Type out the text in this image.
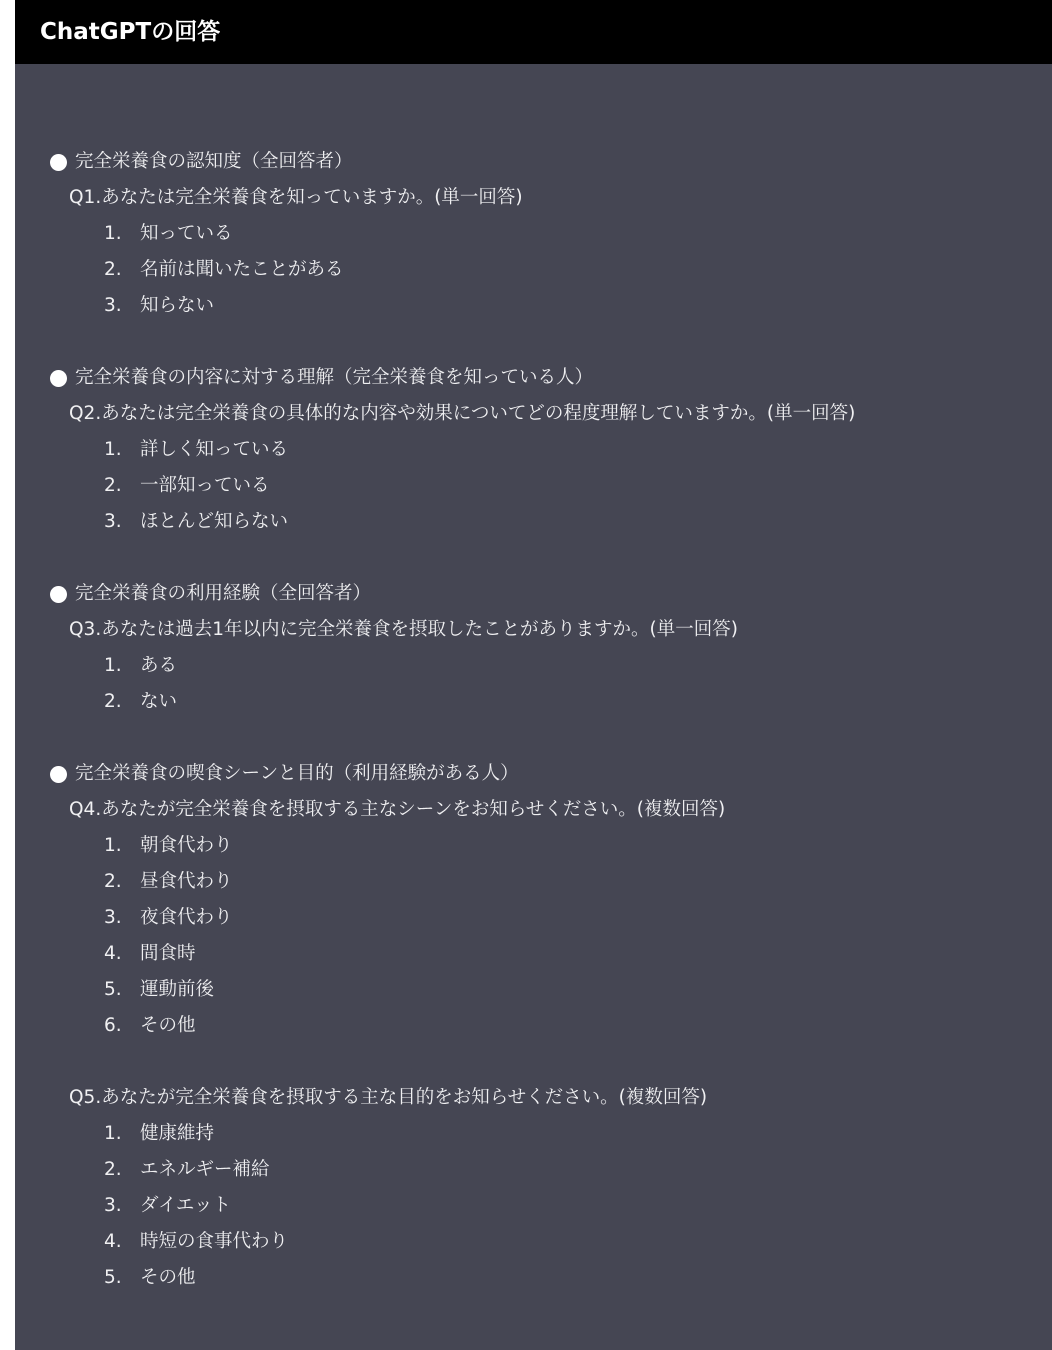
ChatGPTの回答
完全栄養食の認知度（全回答者）
Q1.あなたは完全栄養食を知っていますか。(単一回答)
1. 知っている
2. 名前は聞いたことがある
3. 知らない
完全栄養食の内容に対する理解（完全栄養食を知っている人）
Q2.あなたは完全栄養食の具体的な内容や効果についてどの程度理解していますか。(単一回答)
1. 詳しく知っている
2. 一部知っている
3. ほとんど知らない
完全栄養食の利用経験（全回答者）
Q3.あなたは過去1年以内に完全栄養食を摂取したことがありますか。(単一回答)
1. ある
2. ない
完全栄養食の喫食シーンと目的（利用経験がある人）
Q4.あなたが完全栄養食を摂取する主なシーンをお知らせください。(複数回答)
1. 朝食代わり
2. 昼食代わり
3. 夜食代わり
4. 間食時
5. 運動前後
6. その他
Q5.あなたが完全栄養食を摂取する主な目的をお知らせください。(複数回答)
1. 健康維持
2. エネルギー補給
3. ダイエット
4. 時短の食事代わり
5. その他
